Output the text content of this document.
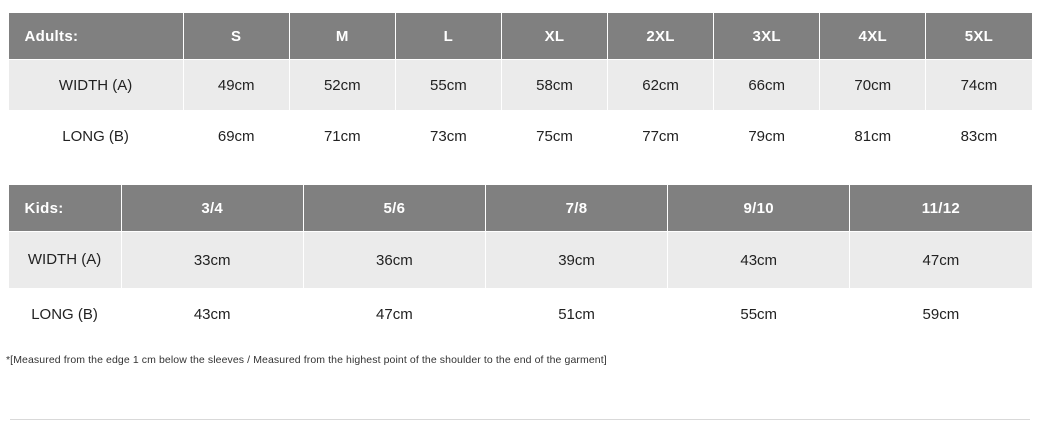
Adults:	S	M	L	XL	2XL	3XL	4XL	5XL
WIDTH (A)	49cm	52cm	55cm	58cm	62cm	66cm	70cm	74cm
LONG (B)	69cm	71cm	73cm	75cm	77cm	79cm	81cm	83cm
Kids:	3/4	5/6	7/8	9/10	11/12
WIDTH (A)	33cm	36cm	39cm	43cm	47cm
LONG (B)	43cm	47cm	51cm	55cm	59cm
*[Measured from the edge 1 cm below the sleeves / Measured from the highest point of the shoulder to the end of the garment]
